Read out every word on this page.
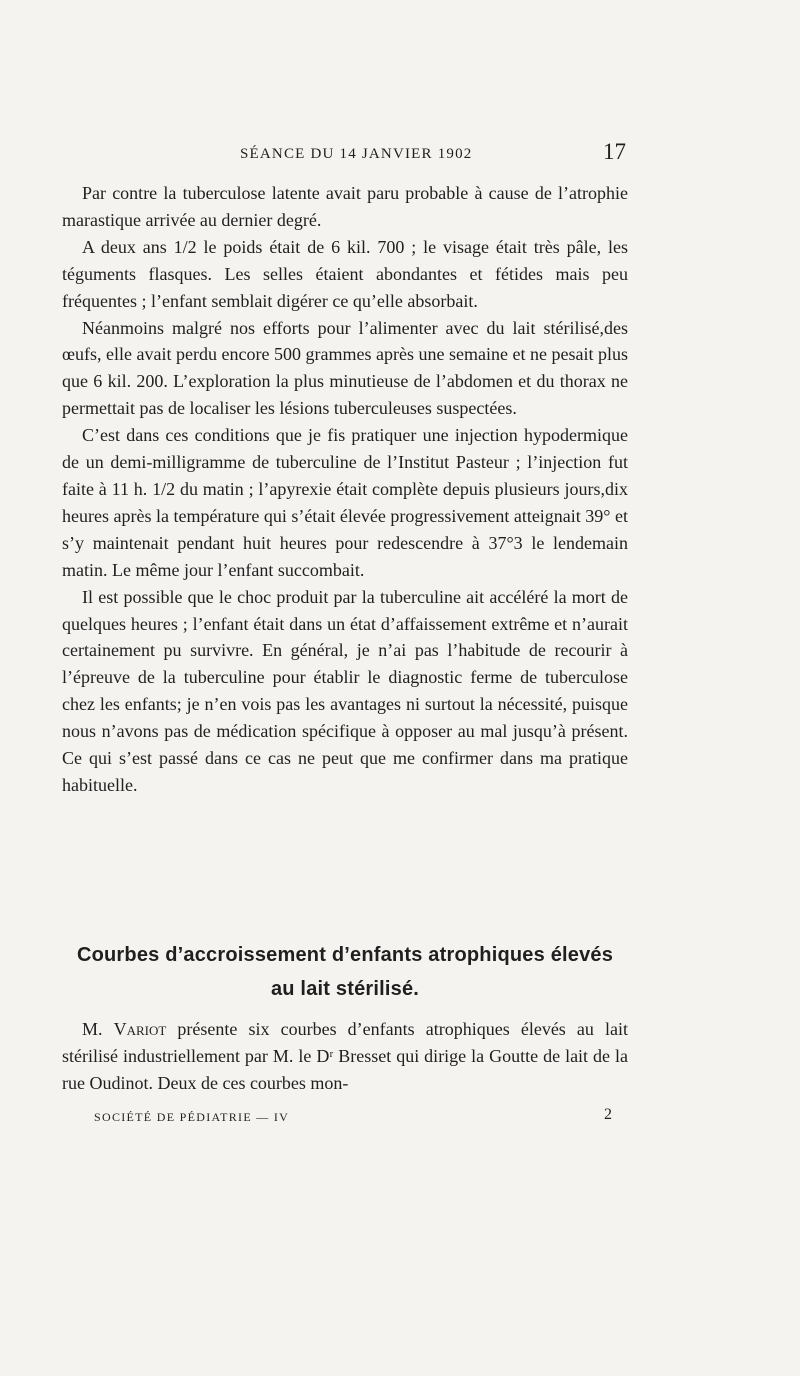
SÉANCE DU 14 JANVIER 1902	17

Par contre la tuberculose latente avait paru probable à cause de l’atrophie marastique arrivée au dernier degré.

A deux ans 1/2 le poids était de 6 kil. 700 ; le visage était très pâle, les téguments flasques. Les selles étaient abondantes et fétides mais peu fréquentes ; l’enfant semblait digérer ce qu’elle absorbait.

Néanmoins malgré nos efforts pour l’alimenter avec du lait stérilisé,des œufs, elle avait perdu encore 500 grammes après une semaine et ne pesait plus que 6 kil. 200. L’exploration la plus minutieuse de l’abdomen et du thorax ne permettait pas de localiser les lésions tuberculeuses suspectées.

C’est dans ces conditions que je fis pratiquer une injection hypodermique de un demi-milligramme de tuberculine de l’Institut Pasteur ; l’injection fut faite à 11 h. 1/2 du matin ; l’apyrexie était complète depuis plusieurs jours,dix heures après la température qui s’était élevée progressivement atteignait 39° et s’y maintenait pendant huit heures pour redescendre à 37°3 le lendemain matin. Le même jour l’enfant succombait.

Il est possible que le choc produit par la tuberculine ait accéléré la mort de quelques heures ; l’enfant était dans un état d’affaissement extrême et n’aurait certainement pu survivre. En général, je n’ai pas l’habitude de recourir à l’épreuve de la tuberculine pour établir le diagnostic ferme de tuberculose chez les enfants; je n’en vois pas les avantages ni surtout la nécessité, puisque nous n’avons pas de médication spécifique à opposer au mal jusqu’à présent. Ce qui s’est passé dans ce cas ne peut que me confirmer dans ma pratique habituelle.

Courbes d’accroissement d’enfants atrophiques élevés
au lait stérilisé.

M. Variot présente six courbes d’enfants atrophiques élevés au lait stérilisé industriellement par M. le Dʳ Bresset qui dirige la Goutte de lait de la rue Oudinot. Deux de ces courbes mon-

SOCIÉTÉ DE PÉDIATRIE — IV	2
